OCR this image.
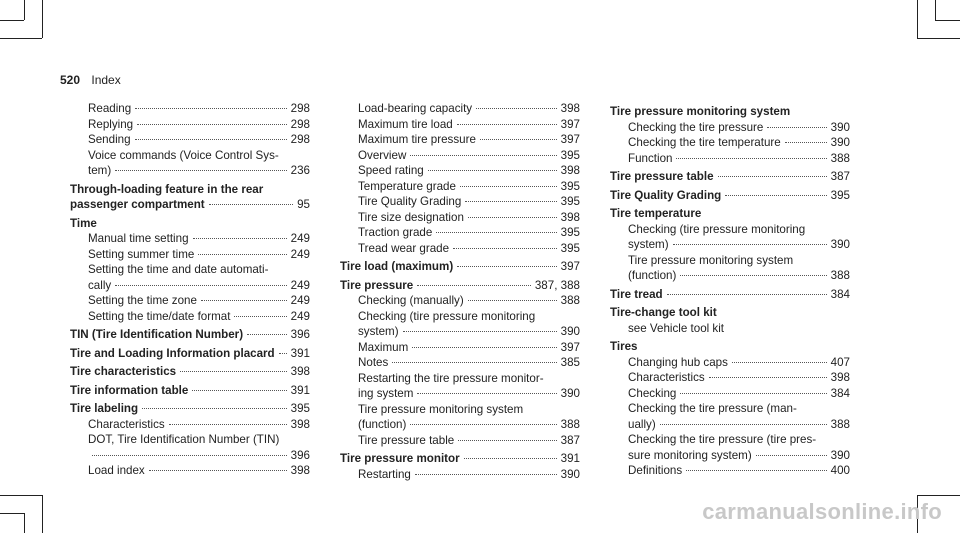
520 Index
Reading	298
Replying	298
Sending	298
Voice commands (Voice Control Sys-
tem)	236
Through-loading feature in the rear
passenger compartment	95
Time
Manual time setting	249
Setting summer time	249
Setting the time and date automati-
cally	249
Setting the time zone	249
Setting the time/date format	249
TIN (Tire Identification Number)	396
Tire and Loading Information placard 391
Tire characteristics	398
Tire information table	391
Tire labeling	395
Characteristics	398
DOT, Tire Identification Number (TIN)
396
Load index	398
Load-bearing capacity	398
Maximum tire load	397
Maximum tire pressure	397
Overview	395
Speed rating	398
Temperature grade	395
Tire Quality Grading	395
Tire size designation	398
Traction grade	395
Tread wear grade	395
Tire load (maximum)	397
Tire pressure	387, 388
Checking (manually)	388
Checking (tire pressure monitoring
system)	390
Maximum	397
Notes	385
Restarting the tire pressure monitor-
ing system	390
Tire pressure monitoring system
(function)	388
Tire pressure table	387
Tire pressure monitor	391
Restarting	390
Tire pressure monitoring system
Checking the tire pressure	390
Checking the tire temperature	390
Function	388
Tire pressure table	387
Tire Quality Grading	395
Tire temperature
Checking (tire pressure monitoring
system)	390
Tire pressure monitoring system
(function)	388
Tire tread	384
Tire-change tool kit
see Vehicle tool kit
Tires
Changing hub caps	407
Characteristics	398
Checking	384
Checking the tire pressure (man-
ually)	388
Checking the tire pressure (tire pres-
sure monitoring system)	390
Definitions	400
carmanualsonline.info
